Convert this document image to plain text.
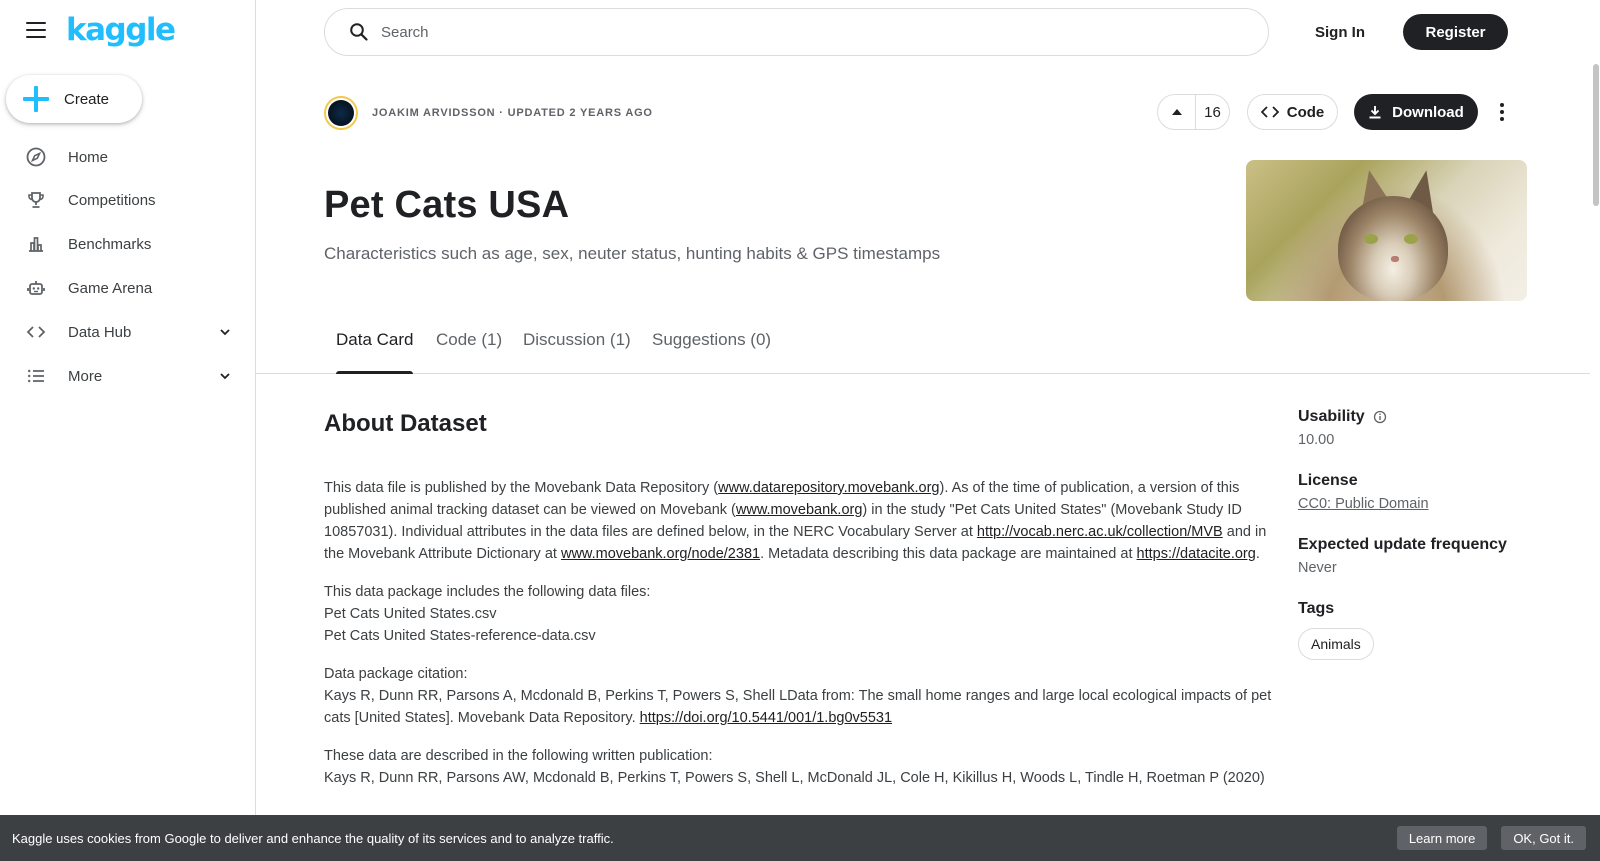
kaggle
Create
Home
Competitions
Benchmarks
Game Arena
Data Hub
More
Search
Sign In	Register
JOAKIM ARVIDSSON · UPDATED 2 YEARS AGO	16	Code	Download
Pet Cats USA
Characteristics such as age, sex, neuter status, hunting habits & GPS timestamps
Data Card Code (1) Discussion (1) Suggestions (0)
About Dataset

This data file is published by the Movebank Data Repository (www.datarepository.movebank.org). As of the time of publication, a version of this published animal tracking dataset can be viewed on Movebank (www.movebank.org) in the study "Pet Cats United States" (Movebank Study ID 10857031). Individual attributes in the data files are defined below, in the NERC Vocabulary Server at http://vocab.nerc.ac.uk/collection/MVB and in the Movebank Attribute Dictionary at www.movebank.org/node/2381. Metadata describing this data package are maintained at https://datacite.org.

This data package includes the following data files:
Pet Cats United States.csv
Pet Cats United States-reference-data.csv

Data package citation:
Kays R, Dunn RR, Parsons A, Mcdonald B, Perkins T, Powers S, Shell LData from: The small home ranges and large local ecological impacts of pet cats [United States]. Movebank Data Repository. https://doi.org/10.5441/001/1.bg0v5531

These data are described in the following written publication:
Kays R, Dunn RR, Parsons AW, Mcdonald B, Perkins T, Powers S, Shell L, McDonald JL, Cole H, Kikillus H, Woods L, Tindle H, Roetman P (2020)

Usability
10.00
License
CC0: Public Domain
Expected update frequency
Never
Tags
Animals
Kaggle uses cookies from Google to deliver and enhance the quality of its services and to analyze traffic.	Learn more	OK, Got it.
